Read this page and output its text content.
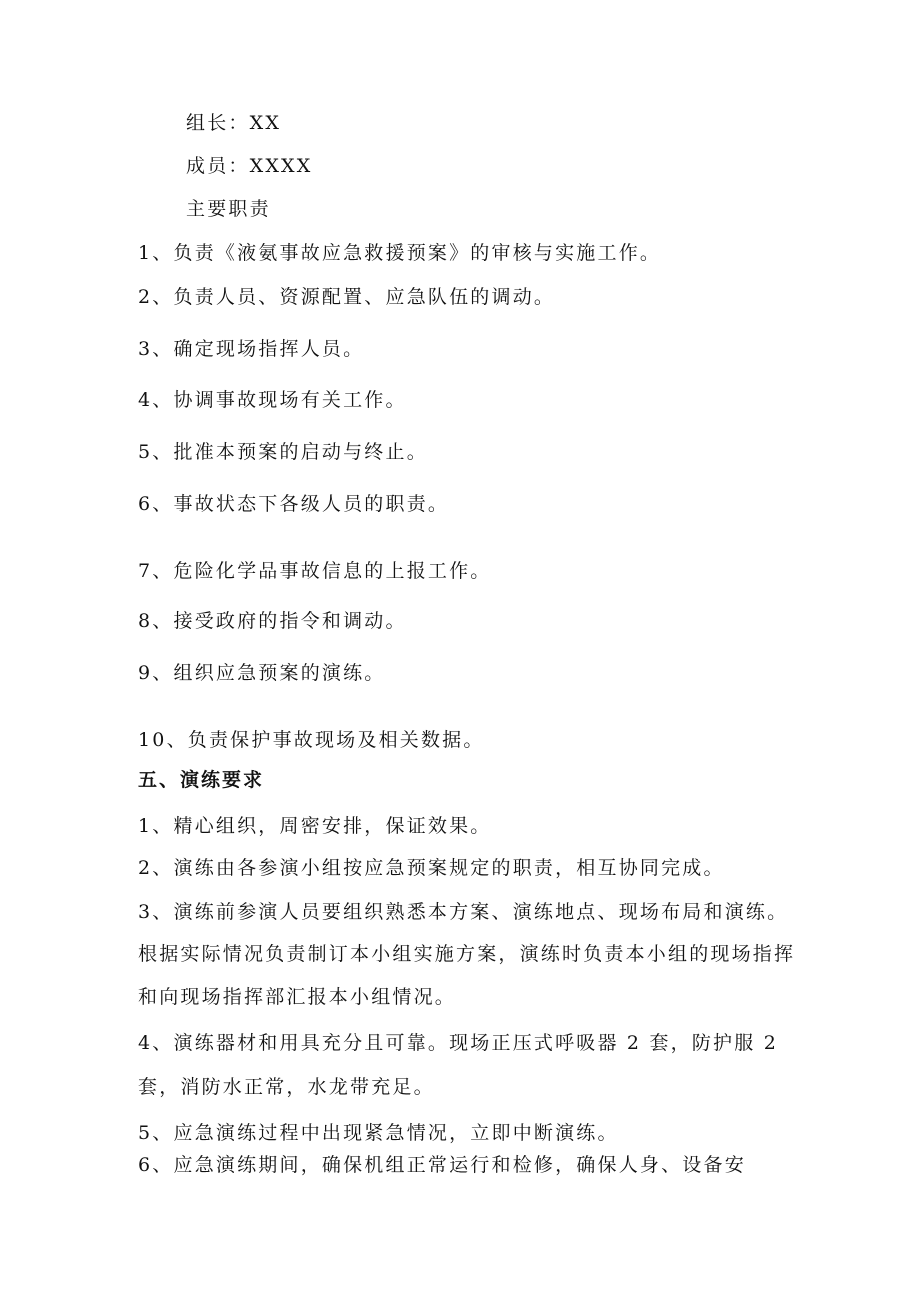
组长：XX
成员：XXXX
主要职责
1、负责《液氨事故应急救援预案》的审核与实施工作。
2、负责人员、资源配置、应急队伍的调动。
3、确定现场指挥人员。
4、协调事故现场有关工作。
5、批准本预案的启动与终止。
6、事故状态下各级人员的职责。
7、危险化学品事故信息的上报工作。
8、接受政府的指令和调动。
9、组织应急预案的演练。
10、负责保护事故现场及相关数据。
五、演练要求
1、精心组织，周密安排，保证效果。
2、演练由各参演小组按应急预案规定的职责，相互协同完成。
3、演练前参演人员要组织熟悉本方案、演练地点、现场布局和演练。
根据实际情况负责制订本小组实施方案，演练时负责本小组的现场指挥
和向现场指挥部汇报本小组情况。
4、演练器材和用具充分且可靠。现场正压式呼吸器 2 套，防护服 2
套，消防水正常，水龙带充足。
5、应急演练过程中出现紧急情况，立即中断演练。
6、应急演练期间，确保机组正常运行和检修，确保人身、设备安
